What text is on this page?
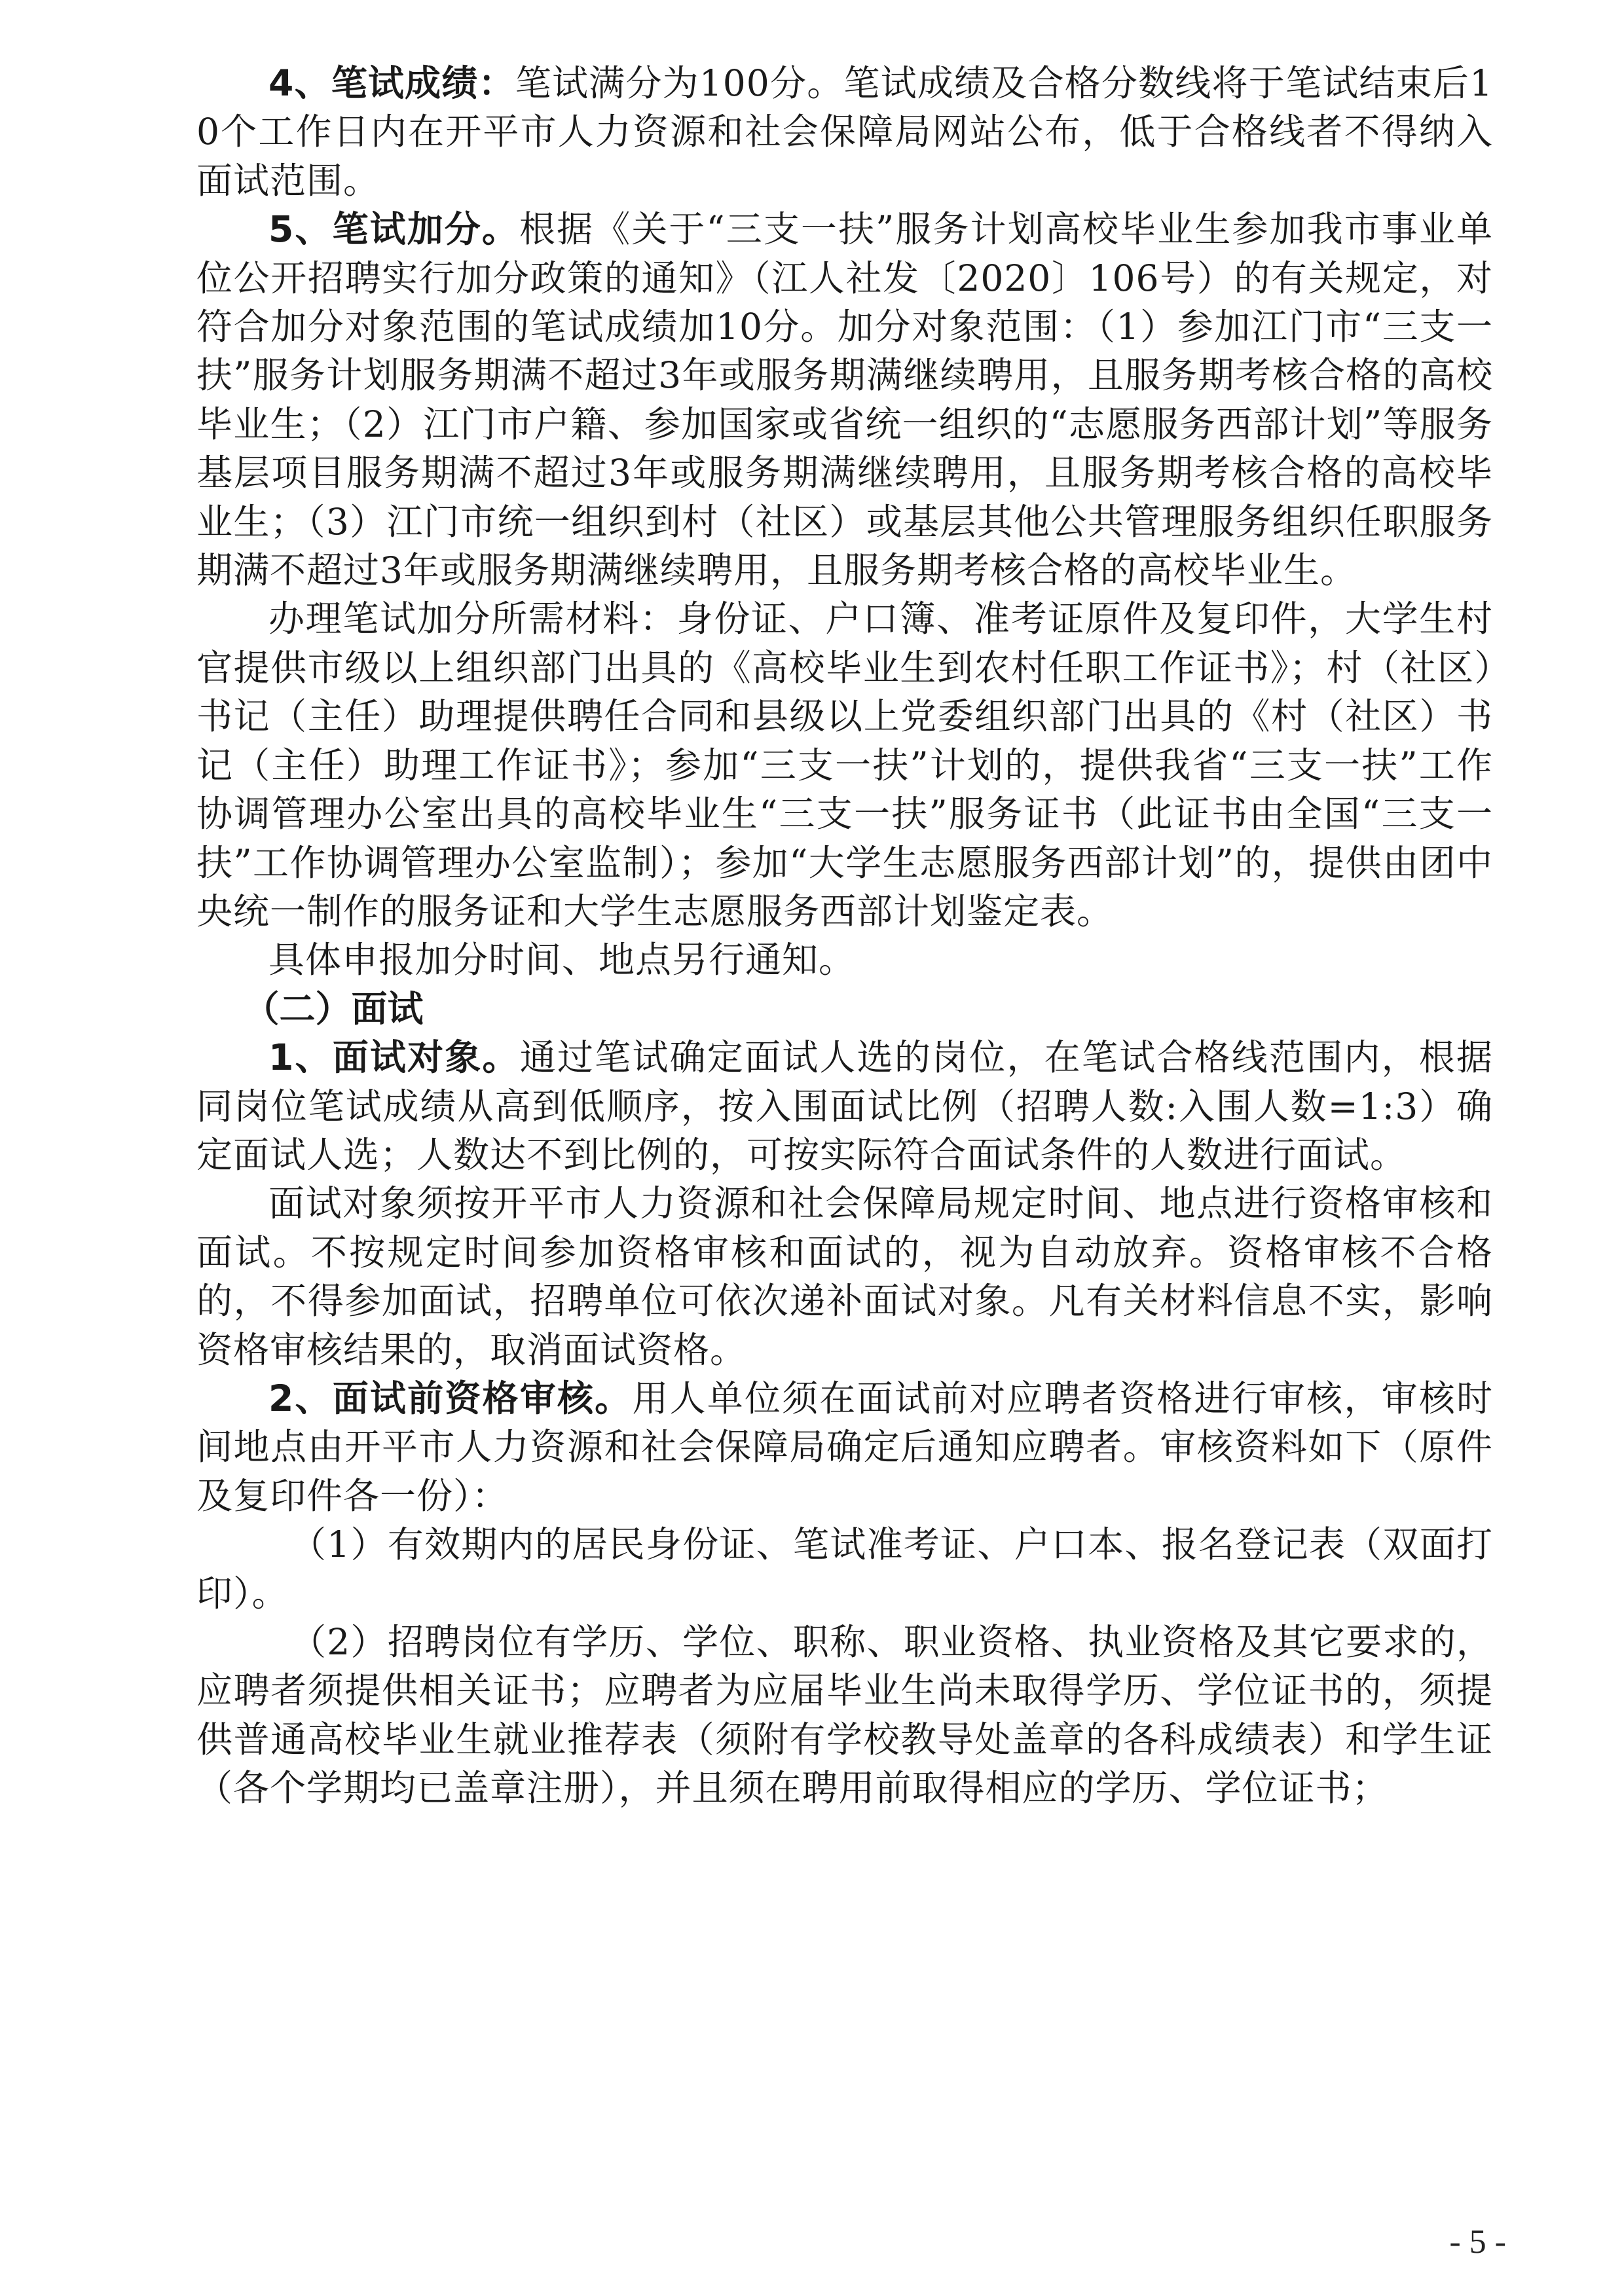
4、笔试成绩：笔试满分为100分。笔试成绩及合格分数线将于笔试结束后10个工作日内在开平市人力资源和社会保障局网站公布，低于合格线者不得纳入面试范围。

5、笔试加分。根据《关于“三支一扶”服务计划高校毕业生参加我市事业单位公开招聘实行加分政策的通知》（江人社发〔2020〕106号）的有关规定，对符合加分对象范围的笔试成绩加10分。加分对象范围：（1）参加江门市“三支一扶”服务计划服务期满不超过3年或服务期满继续聘用，且服务期考核合格的高校毕业生；（2）江门市户籍、参加国家或省统一组织的“志愿服务西部计划”等服务基层项目服务期满不超过3年或服务期满继续聘用，且服务期考核合格的高校毕业生；（3）江门市统一组织到村（社区）或基层其他公共管理服务组织任职服务期满不超过3年或服务期满继续聘用，且服务期考核合格的高校毕业生。

办理笔试加分所需材料：身份证、户口簿、准考证原件及复印件，大学生村官提供市级以上组织部门出具的《高校毕业生到农村任职工作证书》；村（社区）书记（主任）助理提供聘任合同和县级以上党委组织部门出具的《村（社区）书记（主任）助理工作证书》；参加“三支一扶”计划的，提供我省“三支一扶”工作协调管理办公室出具的高校毕业生“三支一扶”服务证书（此证书由全国“三支一扶”工作协调管理办公室监制）；参加“大学生志愿服务西部计划”的，提供由团中央统一制作的服务证和大学生志愿服务西部计划鉴定表。

具体申报加分时间、地点另行通知。

（二）面试

1、面试对象。通过笔试确定面试人选的岗位，在笔试合格线范围内，根据同岗位笔试成绩从高到低顺序，按入围面试比例（招聘人数:入围人数=1:3）确定面试人选；人数达不到比例的，可按实际符合面试条件的人数进行面试。

面试对象须按开平市人力资源和社会保障局规定时间、地点进行资格审核和面试。不按规定时间参加资格审核和面试的，视为自动放弃。资格审核不合格的，不得参加面试，招聘单位可依次递补面试对象。凡有关材料信息不实，影响资格审核结果的，取消面试资格。

2、面试前资格审核。用人单位须在面试前对应聘者资格进行审核，审核时间地点由开平市人力资源和社会保障局确定后通知应聘者。审核资料如下（原件及复印件各一份）：

（1）有效期内的居民身份证、笔试准考证、户口本、报名登记表（双面打印）。

（2）招聘岗位有学历、学位、职称、职业资格、执业资格及其它要求的，应聘者须提供相关证书；应聘者为应届毕业生尚未取得学历、学位证书的，须提供普通高校毕业生就业推荐表（须附有学校教导处盖章的各科成绩表）和学生证（各个学期均已盖章注册），并且须在聘用前取得相应的学历、学位证书；

- 5 -
